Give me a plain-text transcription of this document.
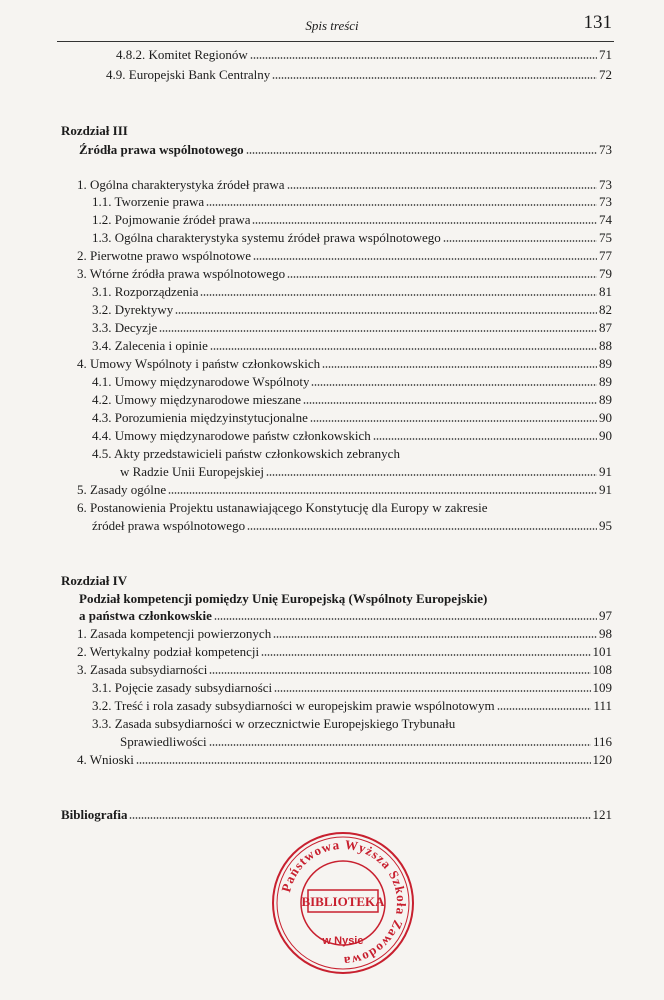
Spis treści	131
4.8.2. Komitet Regionów	71
4.9. Europejski Bank Centralny	72
Rozdział III
Źródła prawa wspólnotowego	73
1. Ogólna charakterystyka źródeł prawa	73
1.1. Tworzenie prawa	73
1.2. Pojmowanie źródeł prawa	74
1.3. Ogólna charakterystyka systemu źródeł prawa wspólnotowego	75
2. Pierwotne prawo wspólnotowe	77
3. Wtórne źródła prawa wspólnotowego	79
3.1. Rozporządzenia	81
3.2. Dyrektywy	82
3.3. Decyzje	87
3.4. Zalecenia i opinie	88
4. Umowy Wspólnoty i państw członkowskich	89
4.1. Umowy międzynarodowe Wspólnoty	89
4.2. Umowy międzynarodowe mieszane	89
4.3. Porozumienia międzyinstytucjonalne	90
4.4. Umowy międzynarodowe państw członkowskich	90
4.5. Akty przedstawicieli państw członkowskich zebranych
w Radzie Unii Europejskiej	91
5. Zasady ogólne	91
6. Postanowienia Projektu ustanawiającego Konstytucję dla Europy w zakresie
źródeł prawa wspólnotowego	95
Rozdział IV
Podział kompetencji pomiędzy Unię Europejską (Wspólnoty Europejskie)
a państwa członkowskie	97
1. Zasada kompetencji powierzonych	98
2. Wertykalny podział kompetencji	101
3. Zasada subsydiarności	108
3.1. Pojęcie zasady subsydiarności	109
3.2. Treść i rola zasady subsydiarności w europejskim prawie wspólnotowym	111
3.3. Zasada subsydiarności w orzecznictwie Europejskiego Trybunału
Sprawiedliwości	116
4. Wnioski	120
Bibliografia	121
Państwowa Wyższa Szkoła Zawodowa
BIBLIOTEKA
w Nysie
